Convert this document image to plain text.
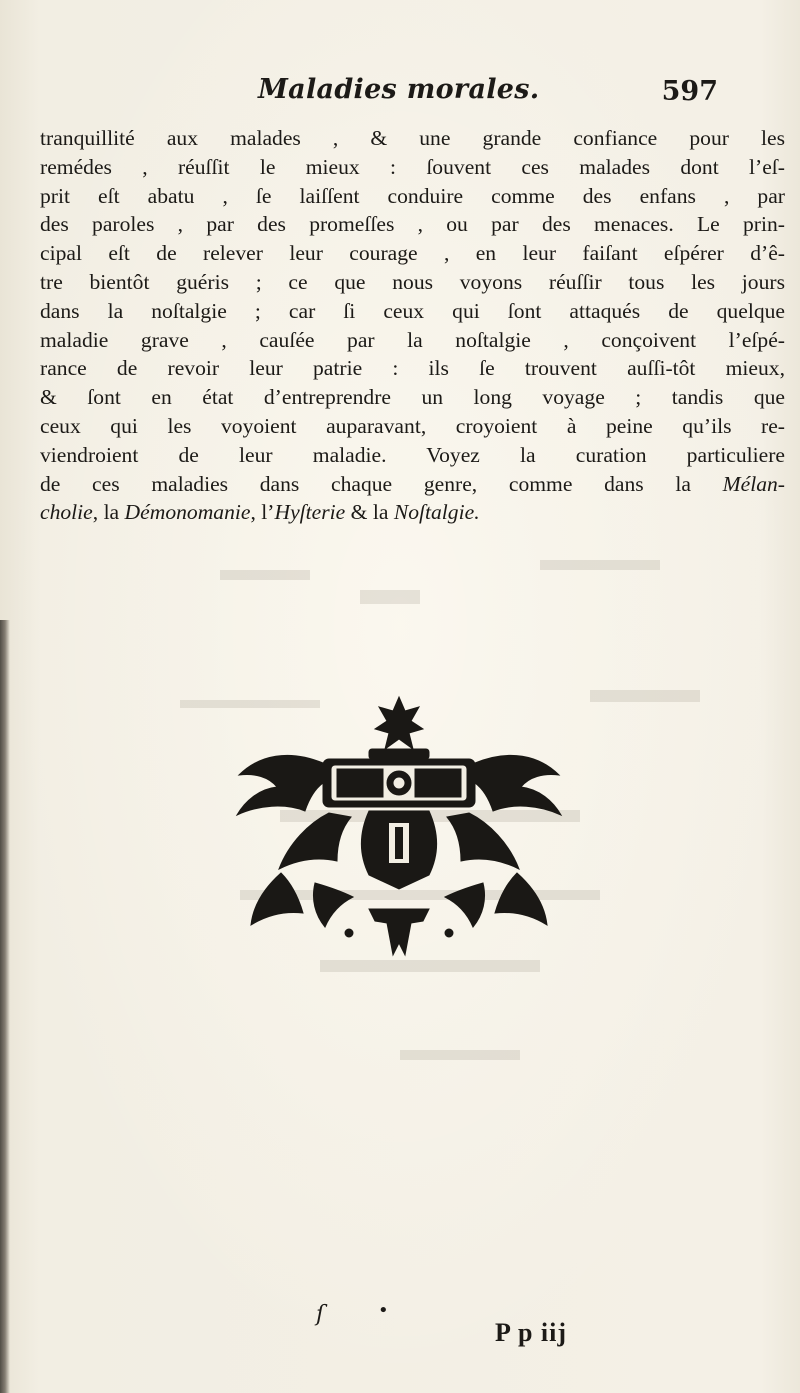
Maladies morales.	597
tranquillité aux malades , & une grande confiance pour les
remédes , réuſſit le mieux : ſouvent ces malades dont l’eſ-
prit eſt abatu , ſe laiſſent conduire comme des enfans , par
des paroles , par des promeſſes , ou par des menaces. Le prin-
cipal eſt de relever leur courage , en leur faiſant eſpérer d’ê-
tre bientôt guéris ; ce que nous voyons réuſſir tous les jours
dans la noſtalgie ; car ſi ceux qui ſont attaqués de quelque
maladie grave , cauſée par la noſtalgie , conçoivent l’eſpé-
rance de revoir leur patrie : ils ſe trouvent auſſi-tôt mieux,
& ſont en état d’entreprendre un long voyage ; tandis que
ceux qui les voyoient auparavant, croyoient à peine qu’ils re-
viendroient de leur maladie. Voyez la curation particuliere
de ces maladies dans chaque genre, comme dans la Mélan-
cholie, la Démonomanie, l’Hyſterie & la Noſtalgie.
ſ	•
P p iij
